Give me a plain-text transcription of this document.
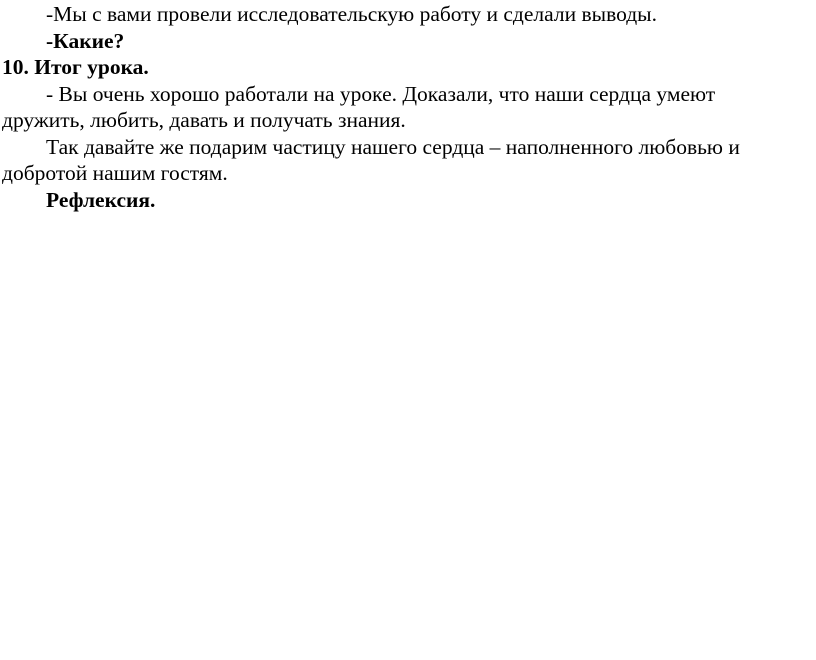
-Мы с вами провели исследовательскую работу и сделали выводы.

-Какие?

10. Итог урока.

- Вы очень хорошо работали на уроке. Доказали, что наши сердца умеют дружить, любить, давать и получать знания.

Так давайте же подарим частицу нашего сердца – наполненного любовью и добротой нашим гостям.

Рефлексия.
